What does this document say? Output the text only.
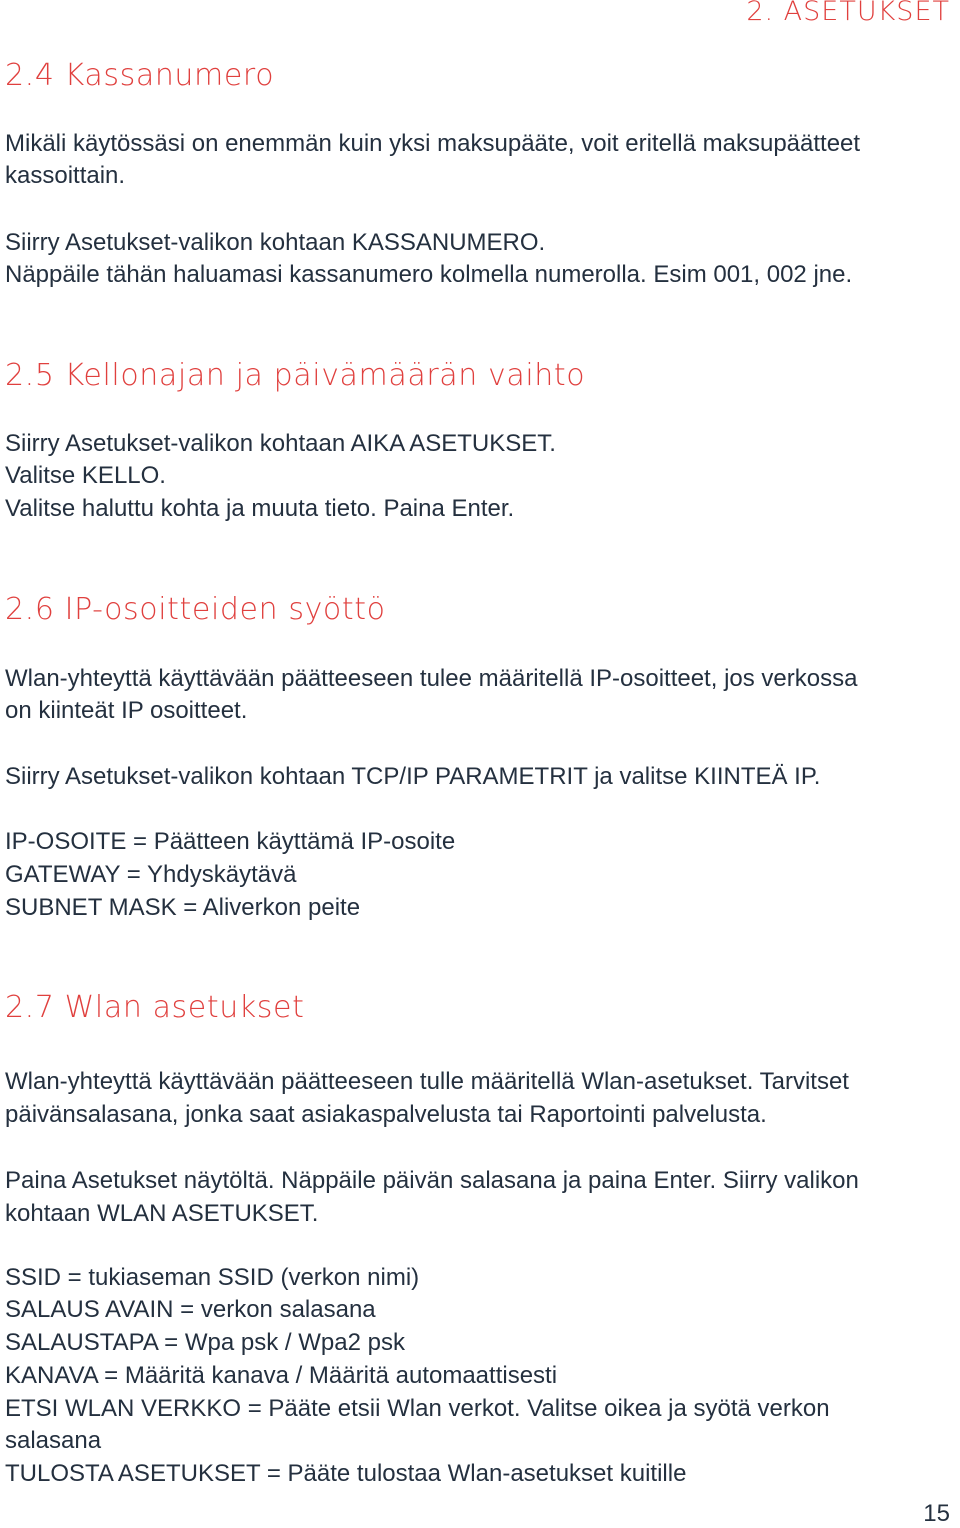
2. ASETUKSET

2.4 Kassanumero

Mikäli käytössäsi on enemmän kuin yksi maksupääte, voit eritellä maksupäätteet

kassoittain.

Siirry Asetukset-valikon kohtaan KASSANUMERO.

Näppäile tähän haluamasi kassanumero kolmella numerolla. Esim 001, 002 jne.

2.5 Kellonajan ja päivämäärän vaihto

Siirry Asetukset-valikon kohtaan AIKA ASETUKSET.

Valitse KELLO.

Valitse haluttu kohta ja muuta tieto. Paina Enter.

2.6 IP-osoitteiden syöttö

Wlan-yhteyttä käyttävään päätteeseen tulee määritellä IP-osoitteet, jos verkossa

on kiinteät IP osoitteet.

Siirry Asetukset-valikon kohtaan TCP/IP PARAMETRIT ja valitse KIINTEÄ IP.

IP-OSOITE = Päätteen käyttämä IP-osoite

GATEWAY = Yhdyskäytävä

SUBNET MASK = Aliverkon peite

2.7 Wlan asetukset

Wlan-yhteyttä käyttävään päätteeseen tulle määritellä Wlan-asetukset. Tarvitset

päivänsalasana, jonka saat asiakaspalvelusta tai Raportointi palvelusta.

Paina Asetukset näytöltä. Näppäile päivän salasana ja paina Enter. Siirry valikon

kohtaan WLAN ASETUKSET.

SSID = tukiaseman SSID (verkon nimi)

SALAUS AVAIN = verkon salasana

SALAUSTAPA = Wpa psk / Wpa2 psk

KANAVA = Määritä kanava / Määritä automaattisesti

ETSI WLAN VERKKO = Pääte etsii Wlan verkot. Valitse oikea ja syötä verkon

salasana

TULOSTA ASETUKSET = Pääte tulostaa Wlan-asetukset kuitille

15
